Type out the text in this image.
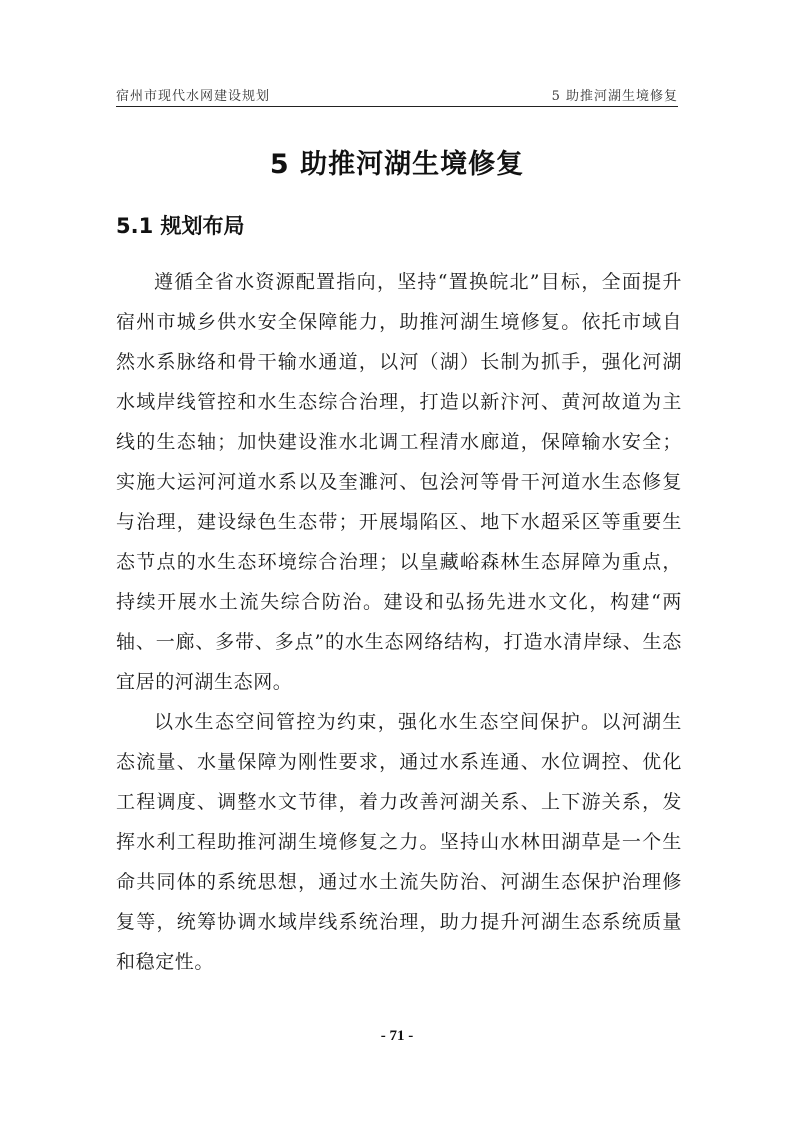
宿州市现代水网建设规划	5 助推河湖生境修复
5 助推河湖生境修复
5.1 规划布局

遵循全省水资源配置指向，坚持“置换皖北”目标，全面提升宿州市城乡供水安全保障能力，助推河湖生境修复。依托市域自然水系脉络和骨干输水通道，以河（湖）长制为抓手，强化河湖水域岸线管控和水生态综合治理，打造以新汴河、黄河故道为主线的生态轴；加快建设淮水北调工程清水廊道，保障输水安全；实施大运河河道水系以及奎濉河、包浍河等骨干河道水生态修复与治理，建设绿色生态带；开展塌陷区、地下水超采区等重要生态节点的水生态环境综合治理；以皇藏峪森林生态屏障为重点，持续开展水土流失综合防治。建设和弘扬先进水文化，构建“两轴、一廊、多带、多点”的水生态网络结构，打造水清岸绿、生态宜居的河湖生态网。

以水生态空间管控为约束，强化水生态空间保护。以河湖生态流量、水量保障为刚性要求，通过水系连通、水位调控、优化工程调度、调整水文节律，着力改善河湖关系、上下游关系，发挥水利工程助推河湖生境修复之力。坚持山水林田湖草是一个生命共同体的系统思想，通过水土流失防治、河湖生态保护治理修复等，统筹协调水域岸线系统治理，助力提升河湖生态系统质量和稳定性。

- 71 -
